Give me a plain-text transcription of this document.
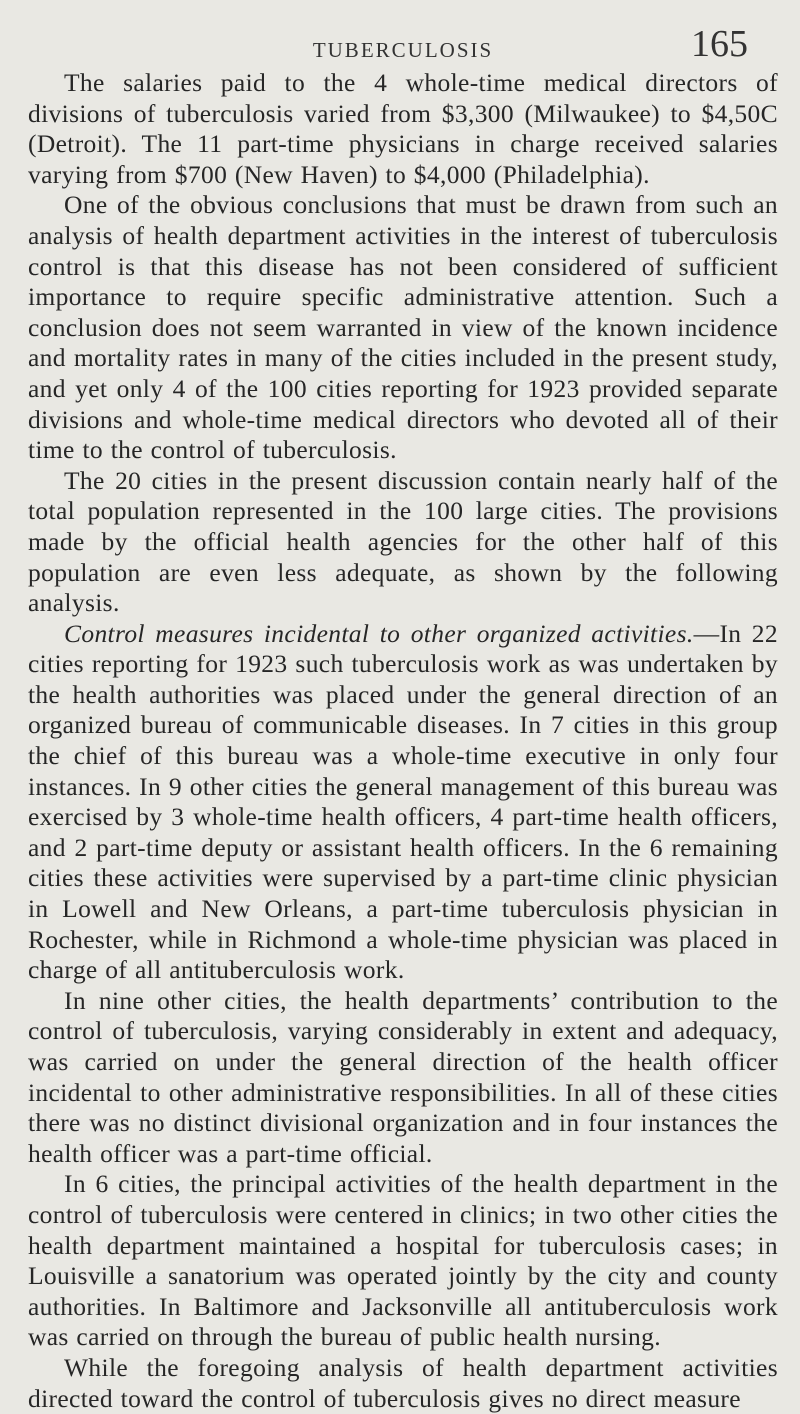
TUBERCULOSIS	165

The salaries paid to the 4 whole-time medical directors of divisions of tuberculosis varied from $3,300 (Milwaukee) to $4,50C (Detroit). The 11 part-time physicians in charge received salaries varying from $700 (New Haven) to $4,000 (Philadelphia).

One of the obvious conclusions that must be drawn from such an analysis of health department activities in the interest of tuberculosis control is that this disease has not been considered of sufficient importance to require specific administrative attention. Such a conclusion does not seem warranted in view of the known incidence and mortality rates in many of the cities included in the present study, and yet only 4 of the 100 cities reporting for 1923 provided separate divisions and whole-time medical directors who devoted all of their time to the control of tuberculosis.

The 20 cities in the present discussion contain nearly half of the total population represented in the 100 large cities. The provisions made by the official health agencies for the other half of this population are even less adequate, as shown by the following analysis.

Control measures incidental to other organized activities.—In 22 cities reporting for 1923 such tuberculosis work as was undertaken by the health authorities was placed under the general direction of an organized bureau of communicable diseases. In 7 cities in this group the chief of this bureau was a whole-time executive in only four instances. In 9 other cities the general management of this bureau was exercised by 3 whole-time health officers, 4 part-time health officers, and 2 part-time deputy or assistant health officers. In the 6 remaining cities these activities were supervised by a part-time clinic physician in Lowell and New Orleans, a part-time tuberculosis physician in Rochester, while in Richmond a whole-time physician was placed in charge of all antituberculosis work.

In nine other cities, the health departments’ contribution to the control of tuberculosis, varying considerably in extent and adequacy, was carried on under the general direction of the health officer incidental to other administrative responsibilities. In all of these cities there was no distinct divisional organization and in four instances the health officer was a part-time official.

In 6 cities, the principal activities of the health department in the control of tuberculosis were centered in clinics; in two other cities the health department maintained a hospital for tuberculosis cases; in Louisville a sanatorium was operated jointly by the city and county authorities. In Baltimore and Jacksonville all antituberculosis work was carried on through the bureau of public health nursing.

While the foregoing analysis of health department activities directed toward the control of tuberculosis gives no direct measure
